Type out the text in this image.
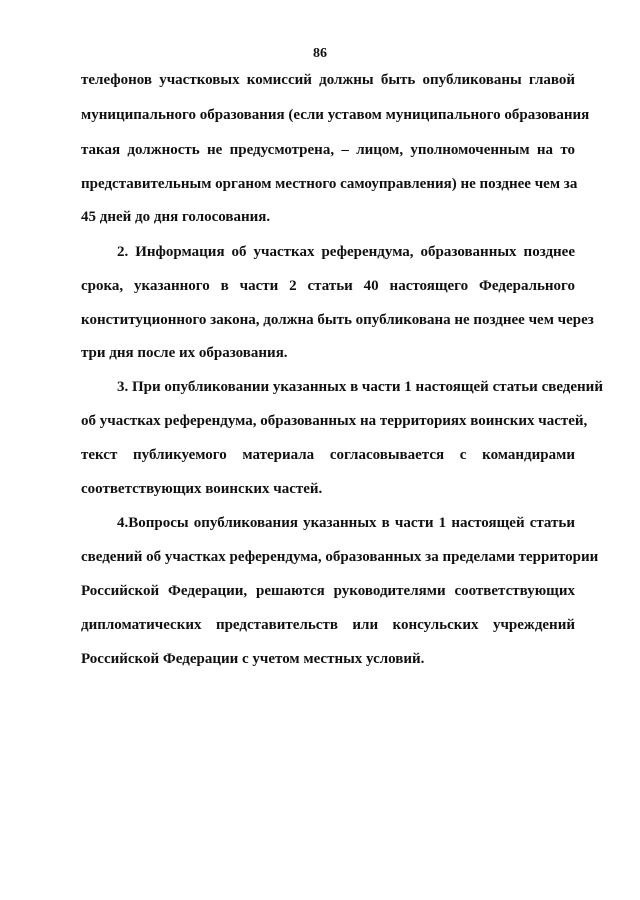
86
телефонов участковых комиссий должны быть опубликованы главой
муниципального образования (если уставом муниципального образования
такая должность не предусмотрена, – лицом, уполномоченным на то
представительным органом местного самоуправления) не позднее чем за
45 дней до дня голосования.
2. Информация об участках референдума, образованных позднее
срока, указанного в части 2 статьи 40 настоящего Федерального
конституционного закона, должна быть опубликована не позднее чем через
три дня после их образования.
3. При опубликовании указанных в части 1 настоящей статьи сведений
об участках референдума, образованных на территориях воинских частей,
текст публикуемого материала согласовывается с командирами
соответствующих воинских частей.
4.Вопросы опубликования указанных в части 1 настоящей статьи
сведений об участках референдума, образованных за пределами территории
Российской Федерации, решаются руководителями соответствующих
дипломатических представительств или консульских учреждений
Российской Федерации с учетом местных условий.
